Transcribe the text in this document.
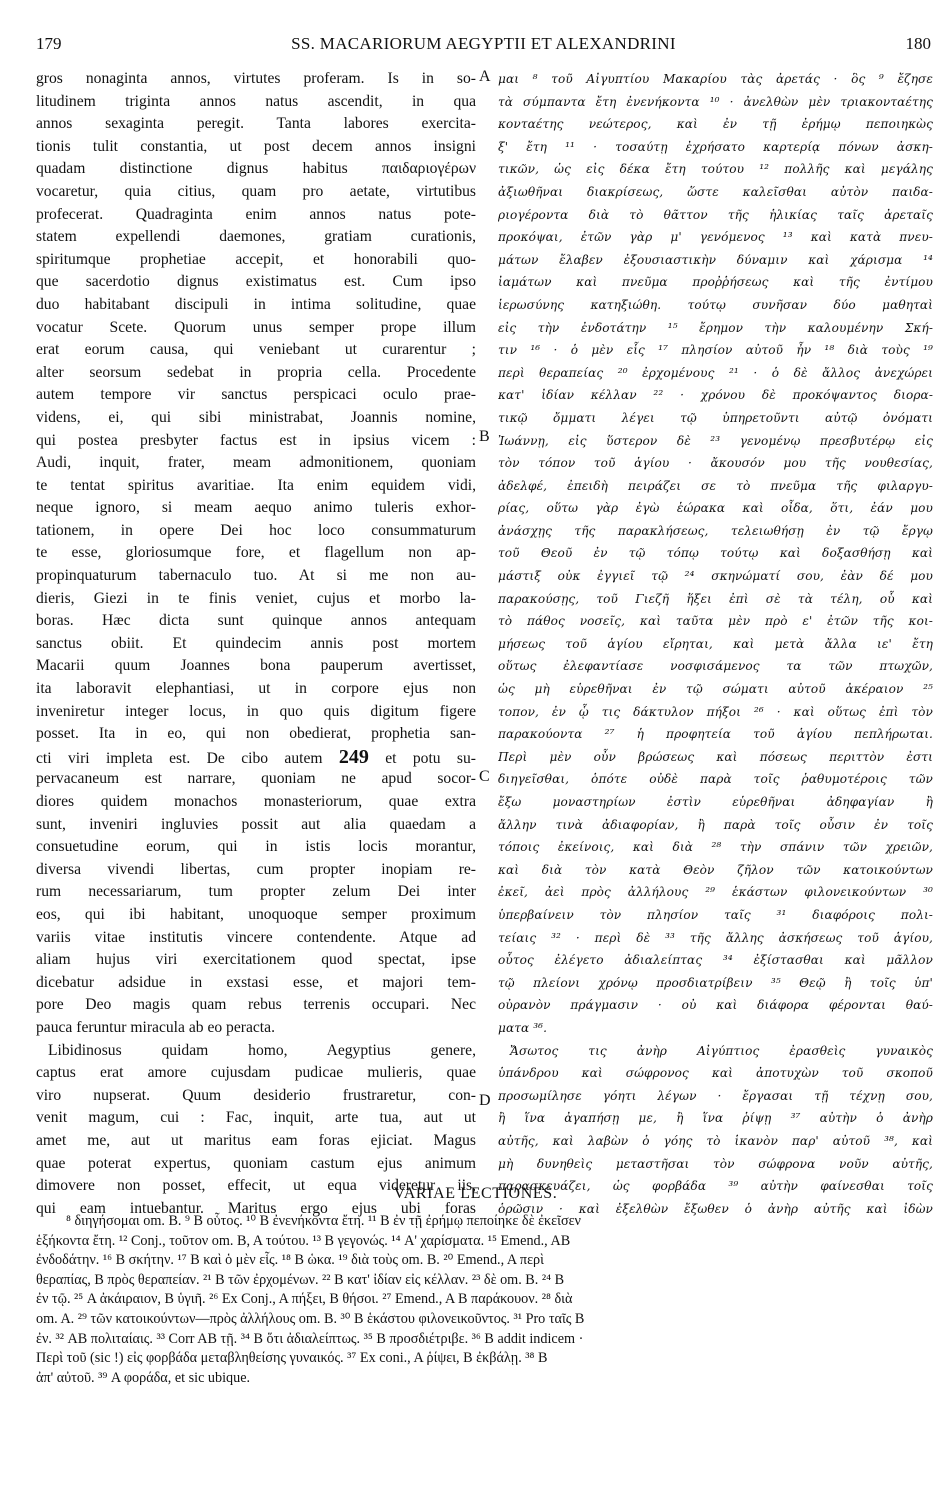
179	SS. MACARIORUM AEGYPTII ET ALEXANDRINI	180
gros nonaginta annos, virtutes proferam. Is in so-
litudinem triginta annos natus ascendit, in qua
annos sexaginta peregit. Tanta labores exercita-
tionis tulit constantia, ut post decem annos insigni
quadam distinctione dignus habitus παιδαριογέρων
vocaretur, quia citius, quam pro aetate, virtutibus
profecerat. Quadraginta enim annos natus pote-
statem expellendi daemones, gratiam curationis,
spiritumque prophetiae accepit, et honorabili quo-
que sacerdotio dignus existimatus est. Cum ipso
duo habitabant discipuli in intima solitudine, quae
vocatur Scete. Quorum unus semper prope illum
erat eorum causa, qui veniebant ut curarentur ;
alter seorsum sedebat in propria cella. Procedente
autem tempore vir sanctus perspicaci oculo prae-
videns, ei, qui sibi ministrabat, Joannis nomine,
qui postea presbyter factus est in ipsius vicem :
Audi, inquit, frater, meam admonitionem, quoniam
te tentat spiritus avaritiae. Ita enim equidem vidi,
neque ignoro, si meam aequo animo tuleris exhor-
tationem, in opere Dei hoc loco consummaturum
te esse, gloriosumque fore, et flagellum non ap-
propinquaturum tabernaculo tuo. At si me non au-
dieris, Giezi in te finis veniet, cujus et morbo la-
boras. Hæc dicta sunt quinque annos antequam
sanctus obiit. Et quindecim annis post mortem
Macarii quum Joannes bona pauperum avertisset,
ita laboravit elephantiasi, ut in corpore ejus non
inveniretur integer locus, in quo quis digitum figere
posset. Ita in eo, qui non obedierat, prophetia san-
cti viri impleta est. De cibo autem 249 et potu su-
pervacaneum est narrare, quoniam ne apud socor-
diores quidem monachos monasteriorum, quae extra
sunt, inveniri ingluvies possit aut alia quaedam a
consuetudine eorum, qui in istis locis morantur,
diversa vivendi libertas, cum propter inopiam re-
rum necessariarum, tum propter zelum Dei inter
eos, qui ibi habitant, unoquoque semper proximum
variis vitae institutis vincere contendente. Atque ad
aliam hujus viri exercitationem quod spectat, ipse
dicebatur adsidue in exstasi esse, et majori tem-
pore Deo magis quam rebus terrenis occupari. Nec
pauca feruntur miracula ab eo peracta.
Libidinosus quidam homo, Aegyptius genere,
captus erat amore cujusdam pudicae mulieris, quae
viro nupserat. Quum desiderio frustraretur, con-
venit magum, cui : Fac, inquit, arte tua, aut ut
amet me, aut ut maritus eam foras ejiciat. Magus
quae poterat expertus, quoniam castum ejus animum
dimovere non posset, effecit, ut equa videretur iis,
qui eam intuebantur. Maritus ergo ejus ubi foras
A
B
C
D
μαι ⁸ τοῦ Αἰγυπτίου Μακαρίου τὰς ἀρετάς · ὃς ⁹ ἔζησε
τὰ σύμπαντα ἔτη ἐνενήκοντα ¹⁰ · ἀνελθὼν μὲν τριακονταέτης
κονταέτης νεώτερος, καὶ ἐν τῇ ἐρήμῳ πεποιηκὼς
ξ' ἔτη ¹¹ · τοσαύτῃ ἐχρήσατο καρτερίᾳ πόνων ἀσκη-
τικῶν, ὡς εἰς δέκα ἔτη τούτου ¹² πολλῆς καὶ μεγάλης
ἀξιωθῆναι διακρίσεως, ὥστε καλεῖσθαι αὐτὸν παιδα-
ριογέροντα διὰ τὸ θᾶττον τῆς ἡλικίας ταῖς ἀρεταῖς
προκόψαι, ἐτῶν γὰρ μ' γενόμενος ¹³ καὶ κατὰ πνευ-
μάτων ἔλαβεν ἐξουσιαστικὴν δύναμιν καὶ χάρισμα ¹⁴
ἰαμάτων καὶ πνεῦμα προῤῥήσεως καὶ τῆς ἐντίμου
ἱερωσύνης κατηξιώθη. τούτῳ συνῆσαν δύο μαθηταὶ
εἰς τὴν ἐνδοτάτην ¹⁵ ἔρημον τὴν καλουμένην Σκή-
τιν ¹⁶ · ὁ μὲν εἷς ¹⁷ πλησίον αὐτοῦ ἦν ¹⁸ διὰ τοὺς ¹⁹
περὶ θεραπείας ²⁰ ἐρχομένους ²¹ · ὁ δὲ ἄλλος ἀνεχώρει
κατ' ἰδίαν κέλλαν ²² · χρόνου δὲ προκόψαντος διορα-
τικῷ ὄμματι λέγει τῷ ὑπηρετοῦντι αὐτῷ ὀνόματι
Ἰωάννῃ, εἰς ὕστερον δὲ ²³ γενομένῳ πρεσβυτέρῳ εἰς
τὸν τόπον τοῦ ἁγίου · ἄκουσόν μου τῆς νουθεσίας,
ἀδελφέ, ἐπειδὴ πειράζει σε τὸ πνεῦμα τῆς φιλαργυ-
ρίας, οὕτω γὰρ ἐγὼ ἑώρακα καὶ οἶδα, ὅτι, ἐάν μου
ἀνάσχῃς τῆς παρακλήσεως, τελειωθήσῃ ἐν τῷ ἔργῳ
τοῦ Θεοῦ ἐν τῷ τόπῳ τούτῳ καὶ δοξασθήσῃ καὶ
μάστιξ οὐκ ἐγγιεῖ τῷ ²⁴ σκηνώματί σου, ἐὰν δέ μου
παρακούσῃς, τοῦ Γιεζῆ ἥξει ἐπὶ σὲ τὰ τέλη, οὗ καὶ
τὸ πάθος νοσεῖς, καὶ ταῦτα μὲν πρὸ ε' ἐτῶν τῆς κοι-
μήσεως τοῦ ἁγίου εἴρηται, καὶ μετὰ ἄλλα ιε' ἔτη
οὕτως ἐλεφαντίασε νοσφισάμενος τα τῶν πτωχῶν,
ὡς μὴ εὑρεθῆναι ἐν τῷ σώματι αὐτοῦ ἀκέραιον ²⁵
τοπον, ἐν ᾧ τις δάκτυλον πήξοι ²⁶ · καὶ οὕτως ἐπὶ τὸν
παρακούοντα ²⁷ ἡ προφητεία τοῦ ἁγίου πεπλήρωται.
Περὶ μὲν οὖν βρώσεως καὶ πόσεως περιττὸν ἐστι
διηγεῖσθαι, ὁπότε οὐδὲ παρὰ τοῖς ῥαθυμοτέροις τῶν
ἔξω μοναστηρίων ἐστὶν εὑρεθῆναι ἀδηφαγίαν ἢ
ἄλλην τινὰ ἀδιαφορίαν, ἢ παρὰ τοῖς οὖσιν ἐν τοῖς
τόποις ἐκείνοις, καὶ διὰ ²⁸ τὴν σπάνιν τῶν χρειῶν,
καὶ διὰ τὸν κατὰ Θεὸν ζῆλον τῶν κατοικούντων
ἐκεῖ, ἀεὶ πρὸς ἀλλήλους ²⁹ ἑκάστων φιλονεικούντων ³⁰
ὑπερβαίνειν τὸν πλησίον ταῖς ³¹ διαφόροις πολι-
τείαις ³² · περὶ δὲ ³³ τῆς ἄλλης ἀσκήσεως τοῦ ἁγίου,
οὗτος ἐλέγετο ἀδιαλείπτας ³⁴ ἐξίστασθαι καὶ μᾶλλον
τῷ πλείονι χρόνῳ προσδιατρίβειν ³⁵ Θεῷ ἢ τοῖς ὑπ'
οὐρανὸν πράγμασιν · οὐ καὶ διάφορα φέρονται θαύ-
ματα ³⁶.
Ἄσωτος τις ἀνὴρ Αἰγύπτιος ἐρασθεὶς γυναικὸς
ὑπάνδρου καὶ σώφρονος καὶ ἀποτυχὼν τοῦ σκοποῦ
προσωμίλησε γόητι λέγων · ἔργασαι τῇ τέχνῃ σου,
ἢ ἵνα ἀγαπήσῃ με, ἢ ἵνα ῥίψῃ ³⁷ αὐτὴν ὁ ἀνὴρ
αὐτῆς, καὶ λαβὼν ὁ γόης τὸ ἱκανὸν παρ' αὐτοῦ ³⁸, καὶ
μὴ δυνηθεὶς μεταστῆσαι τὸν σώφρονα νοῦν αὐτῆς,
παρασκευάζει, ὡς φορβάδα ³⁹ αὐτὴν φαίνεσθαι τοῖς
ὁρῶσιν · καὶ ἐξελθὼν ἔξωθεν ὁ ἀνὴρ αὐτῆς καὶ ἰδὼν
VARIAE LECTIONES.
⁸ διηγήσομαι om. B. ⁹ B οὗτος. ¹⁰ B ἐνενήκοντα ἔτη. ¹¹ B ἐν τῇ ἐρήμῳ πεποίηκε δὲ ἐκεῖσεν
ἑξήκοντα ἔτη. ¹² Conj., τοῦτον om. B, A τούτου. ¹³ B γεγονώς. ¹⁴ A' χαρίσματα. ¹⁵ Emend., AB
ἐνδοδάτην. ¹⁶ B σκήτην. ¹⁷ B καὶ ὁ μὲν εἷς. ¹⁸ B ὡκα. ¹⁹ διὰ τοὺς om. B. ²⁰ Emend., A περὶ
θεραπίας, B πρὸς θεραπείαν. ²¹ B τῶν ἐρχομένων. ²² B κατ' ἰδίαν εἰς κέλλαν. ²³ δὲ om. B. ²⁴ B
ἐν τῷ. ²⁵ A ἀκάιραιον, B ὑγιῆ. ²⁶ Ex Conj., A πήξει, B θήσοι. ²⁷ Emend., A B παράκουον. ²⁸ διὰ
om. A. ²⁹ τῶν κατοικούντων—πρὸς ἀλλήλους om. B. ³⁰ B ἑκάστου φιλονεικοῦντος. ³¹ Pro ταῖς B
ἐν. ³² AB πολιταίαις. ³³ Corr AB τῇ. ³⁴ B ὅτι ἀδιαλείπτως. ³⁵ B προσδιέτριβε. ³⁶ B addit indicem ·
Περὶ τοῦ (sic !) εἰς φορβάδα μεταβληθείσης γυναικός. ³⁷ Ex coni., A ῥίψει, B ἐκβάλῃ. ³⁸ B
ἀπ' αὐτοῦ. ³⁹ A φοράδα, et sic ubique.
